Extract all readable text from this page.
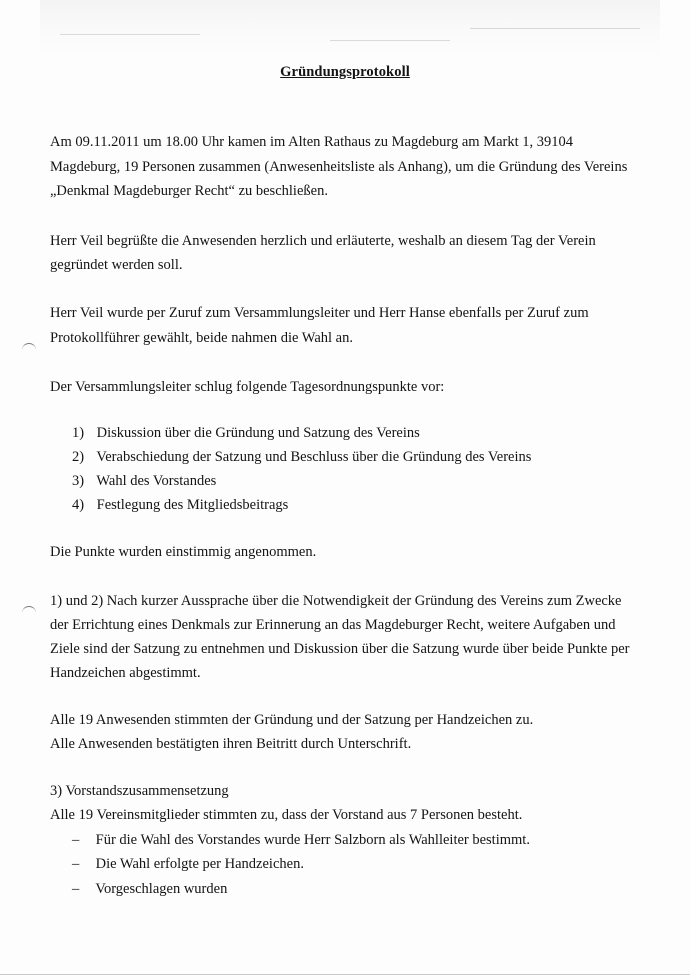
Gründungsprotokoll
Am 09.11.2011 um 18.00 Uhr kamen im Alten Rathaus zu Magdeburg am Markt 1, 39104
Magdeburg, 19 Personen zusammen (Anwesenheitsliste als Anhang), um die Gründung des Vereins
„Denkmal Magdeburger Recht“ zu beschließen.
Herr Veil begrüßte die Anwesenden herzlich und erläuterte, weshalb an diesem Tag der Verein
gegründet werden soll.
Herr Veil wurde per Zuruf zum Versammlungsleiter und Herr Hanse ebenfalls per Zuruf zum
Protokollführer gewählt, beide nahmen die Wahl an.
Der Versammlungsleiter schlug folgende Tagesordnungspunkte vor:
1) Diskussion über die Gründung und Satzung des Vereins
2) Verabschiedung der Satzung und Beschluss über die Gründung des Vereins
3) Wahl des Vorstandes
4) Festlegung des Mitgliedsbeitrags
Die Punkte wurden einstimmig angenommen.
1) und 2) Nach kurzer Aussprache über die Notwendigkeit der Gründung des Vereins zum Zwecke
der Errichtung eines Denkmals zur Erinnerung an das Magdeburger Recht, weitere Aufgaben und
Ziele sind der Satzung zu entnehmen und Diskussion über die Satzung wurde über beide Punkte per
Handzeichen abgestimmt.
Alle 19 Anwesenden stimmten der Gründung und der Satzung per Handzeichen zu.
Alle Anwesenden bestätigten ihren Beitritt durch Unterschrift.
3) Vorstandszusammensetzung
Alle 19 Vereinsmitglieder stimmten zu, dass der Vorstand aus 7 Personen besteht.
– Für die Wahl des Vorstandes wurde Herr Salzborn als Wahlleiter bestimmt.
– Die Wahl erfolgte per Handzeichen.
– Vorgeschlagen wurden
